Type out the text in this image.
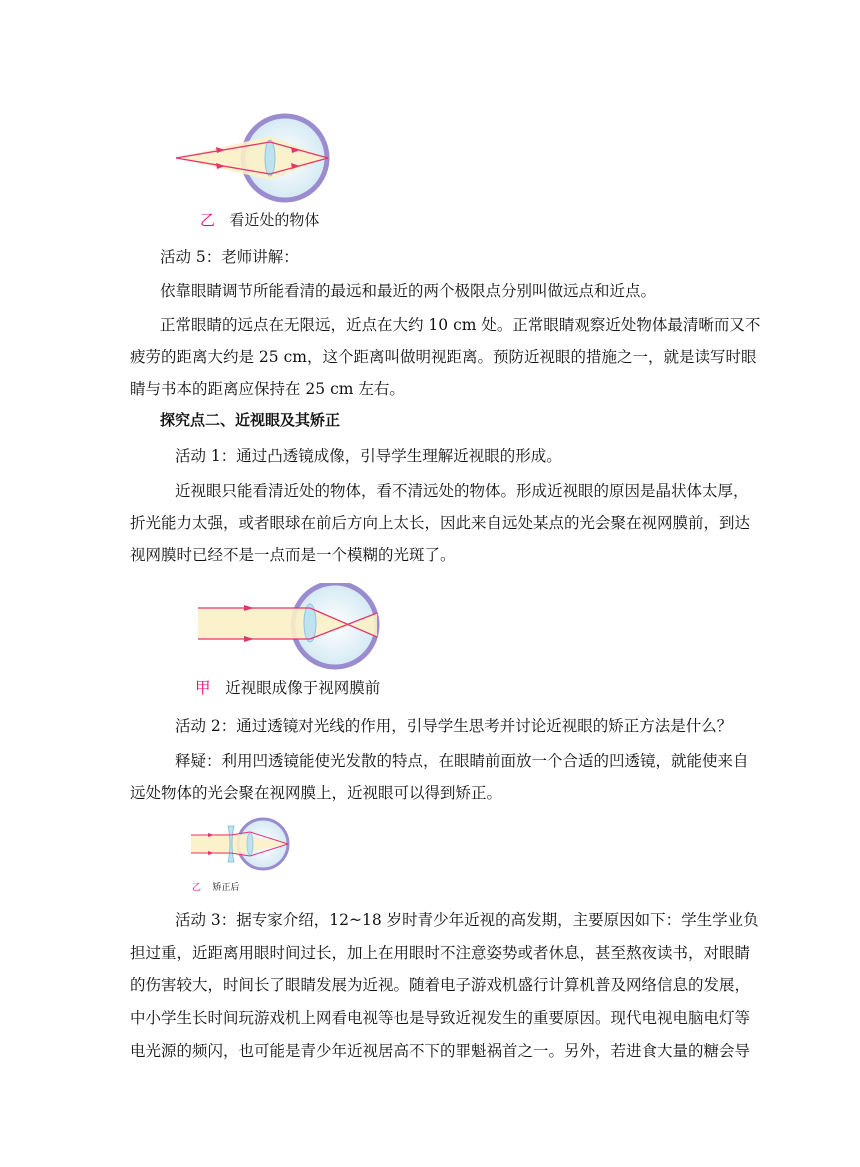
乙 看近处的物体
活动 5：老师讲解：
依靠眼睛调节所能看清的最远和最近的两个极限点分别叫做远点和近点。
正常眼睛的远点在无限远，近点在大约 10 cm 处。正常眼睛观察近处物体最清晰而又不
疲劳的距离大约是 25 cm，这个距离叫做明视距离。预防近视眼的措施之一，就是读写时眼
睛与书本的距离应保持在 25 cm 左右。
探究点二、近视眼及其矫正
活动 1：通过凸透镜成像，引导学生理解近视眼的形成。
近视眼只能看清近处的物体，看不清远处的物体。形成近视眼的原因是晶状体太厚，
折光能力太强，或者眼球在前后方向上太长，因此来自远处某点的光会聚在视网膜前，到达
视网膜时已经不是一点而是一个模糊的光斑了。
甲 近视眼成像于视网膜前
活动 2：通过透镜对光线的作用，引导学生思考并讨论近视眼的矫正方法是什么？
释疑：利用凹透镜能使光发散的特点，在眼睛前面放一个合适的凹透镜，就能使来自
远处物体的光会聚在视网膜上，近视眼可以得到矫正。
乙 矫正后
活动 3：据专家介绍，12~18 岁时青少年近视的高发期，主要原因如下：学生学业负
担过重，近距离用眼时间过长，加上在用眼时不注意姿势或者休息，甚至熬夜读书，对眼睛
的伤害较大，时间长了眼睛发展为近视。随着电子游戏机盛行计算机普及网络信息的发展，
中小学生长时间玩游戏机上网看电视等也是导致近视发生的重要原因。现代电视电脑电灯等
电光源的频闪，也可能是青少年近视居高不下的罪魁祸首之一。另外，若进食大量的糖会导
